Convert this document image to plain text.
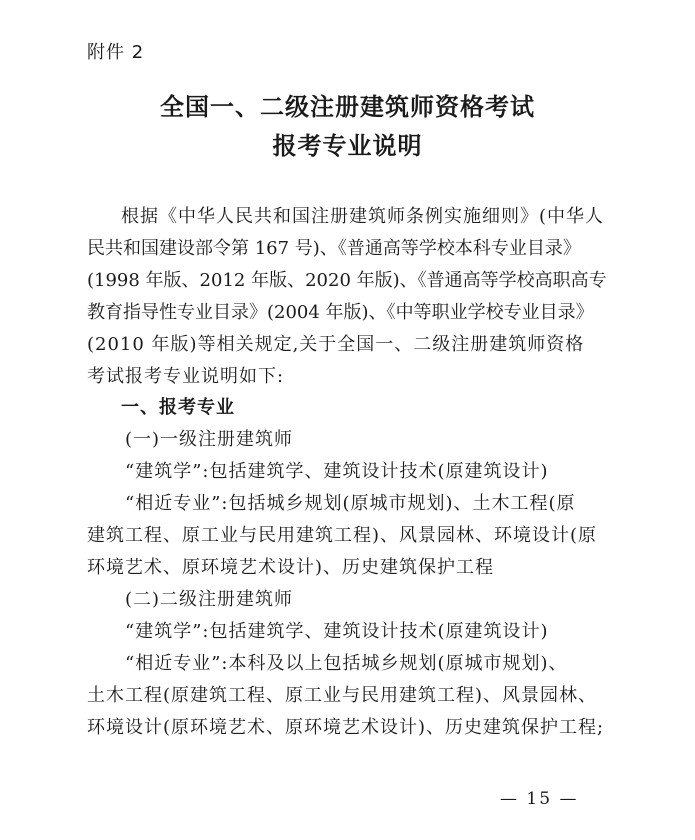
附件 2
全国一、二级注册建筑师资格考试
报考专业说明
根据《中华人民共和国注册建筑师条例实施细则》(中华人
民共和国建设部令第 167 号)、《普通高等学校本科专业目录》
(1998 年版、2012 年版、2020 年版)、《普通高等学校高职高专
教育指导性专业目录》(2004 年版)、《中等职业学校专业目录》
(2010 年版)等相关规定,关于全国一、二级注册建筑师资格
考试报考专业说明如下:
一、报考专业
(一)一级注册建筑师
“建筑学”:包括建筑学、建筑设计技术(原建筑设计)
“相近专业”:包括城乡规划(原城市规划)、土木工程(原
建筑工程、原工业与民用建筑工程)、风景园林、环境设计(原
环境艺术、原环境艺术设计)、历史建筑保护工程
(二)二级注册建筑师
“建筑学”:包括建筑学、建筑设计技术(原建筑设计)
“相近专业”:本科及以上包括城乡规划(原城市规划)、
土木工程(原建筑工程、原工业与民用建筑工程)、风景园林、
环境设计(原环境艺术、原环境艺术设计)、历史建筑保护工程;
— 15 —
